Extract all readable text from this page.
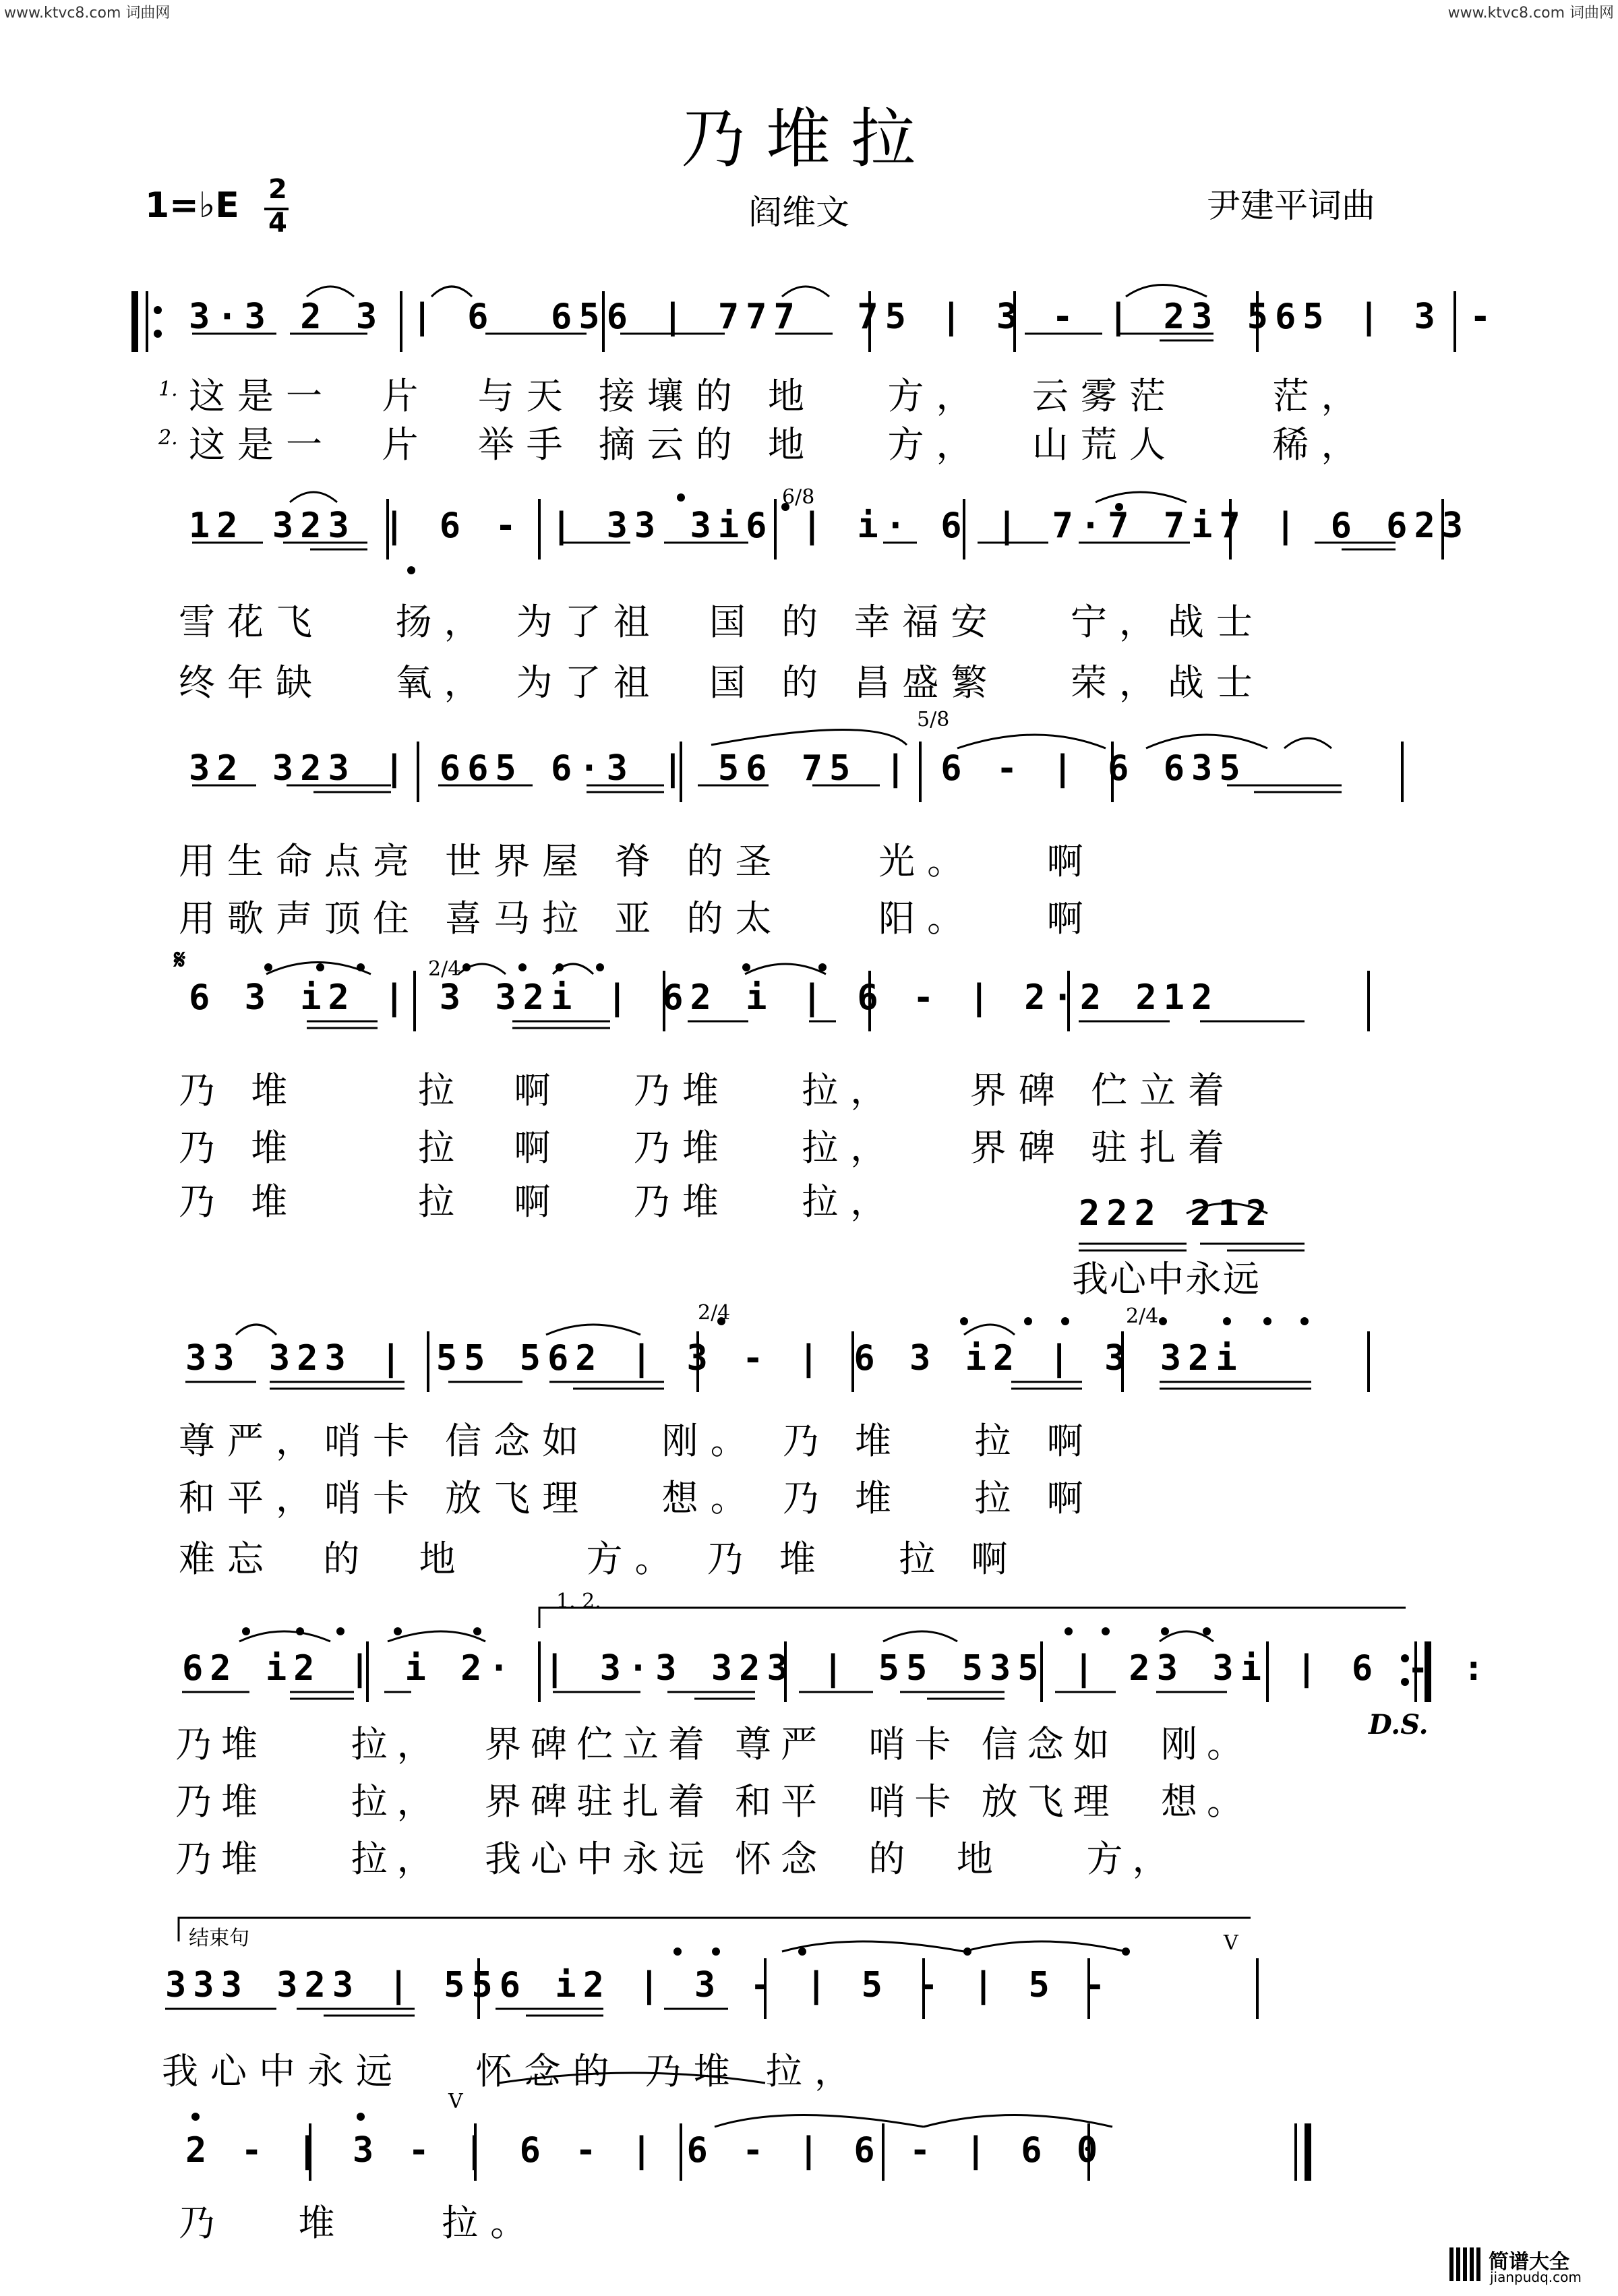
www.ktvc8.com 词曲网	www.ktvc8.com 词曲网
乃堆拉
1=♭E 2
4	阎维文	尹建平词曲
3·3 2 3 | 6  656 | 777  75 | 3 - | 23 565 | 3 -
1. 这是一  片  与天 接壤的 地   方，  云雾茫    茫，
2. 这是一  片  举手 摘云的 地   方，  山荒人    稀，
6/8
12 323 | 6 - | 33 3i6 | i· 6 | 7·7 7i7 | 6 623
雪花飞   扬， 为了祖  国 的 幸福安   宁，战士
终年缺   氧， 为了祖  国 的 昌盛繁   荣，战士
5/8
32 323 | 665 6·3 | 56 75 | 6 - | 6 635
用生命点亮 世界屋 脊 的圣    光。   啊
用歌声顶住 喜马拉 亚 的太    阳。   啊
𝄋	2/4
6 3 i2 | 3 32i | 62 i | 6 - | 2·2 212
乃 堆     拉  啊   乃堆   拉，   界碑 伫立着
乃 堆     拉  啊   乃堆   拉，   界碑 驻扎着
乃 堆     拉  啊   乃堆   拉，	222 212
我心中永远
2/4	2/4
33 323 | 55 562 | 3 - | 6 3 i2 | 3 32i
尊严，哨卡 信念如   刚。 乃 堆   拉 啊
和平，哨卡 放飞理   想。 乃 堆   拉 啊
难忘  的  地     方。 乃 堆   拉 啊
1. 2.
62 i2 | i 2· | 3·3 323 | 55 535 | 23 3i | 6 - :
D.S.
乃堆    拉，  界碑伫立着 尊严  哨卡 信念如  刚。
乃堆    拉，  界碑驻扎着 和平  哨卡 放飞理  想。
乃堆    拉，  我心中永远 怀念  的  地    方，
结束句	V
333 323 | 556 i2 | 3 - | 5 - | 5 -
我心中永远   怀念的 乃堆 拉，
V
2 - | 3 - | 6 - | 6 - | 6 - | 6 0
乃   堆    拉。

简谱大全

jianpudq.com
